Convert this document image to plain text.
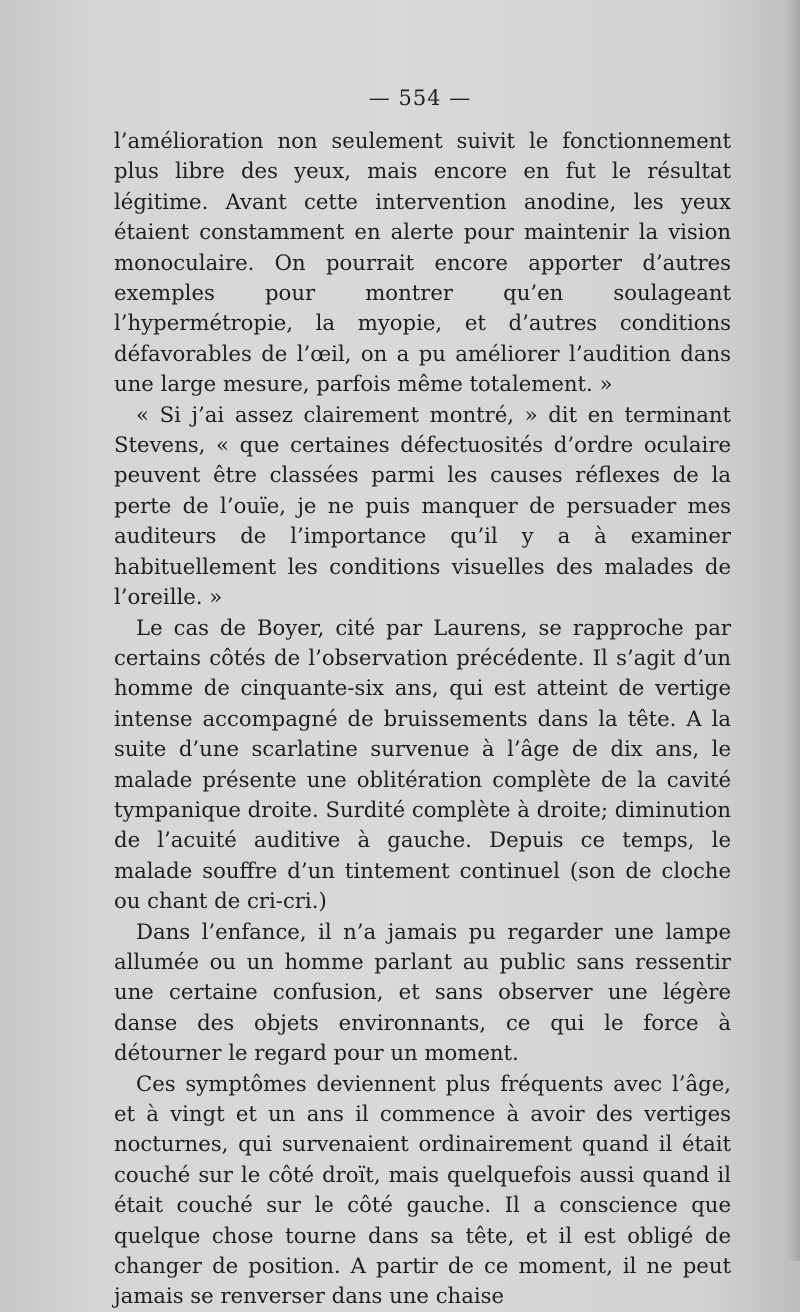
— 554 —

l’amélioration non seulement suivit le fonctionnement plus libre des yeux, mais encore en fut le résultat légitime. Avant cette intervention anodine, les yeux étaient constamment en alerte pour maintenir la vision monoculaire. On pourrait encore apporter d’autres exemples pour montrer qu’en soulageant l’hypermétropie, la myopie, et d’autres conditions défavorables de l’œil, on a pu améliorer l’audition dans une large mesure, parfois même totalement. »

« Si j’ai assez clairement montré, » dit en terminant Stevens, « que certaines défectuosités d’ordre oculaire peuvent être classées parmi les causes réflexes de la perte de l’ouïe, je ne puis manquer de persuader mes auditeurs de l’importance qu’il y a à examiner habituellement les conditions visuelles des malades de l’oreille. »

Le cas de Boyer, cité par Laurens, se rapproche par certains côtés de l’observation précédente. Il s’agit d’un homme de cinquante-six ans, qui est atteint de vertige intense accompagné de bruissements dans la tête. A la suite d’une scarlatine survenue à l’âge de dix ans, le malade présente une oblitération complète de la cavité tympanique droite. Surdité complète à droite; diminution de l’acuité auditive à gauche. Depuis ce temps, le malade souffre d’un tintement continuel (son de cloche ou chant de cri-cri.)

Dans l’enfance, il n’a jamais pu regarder une lampe allumée ou un homme parlant au public sans ressentir une certaine confusion, et sans observer une légère danse des objets environnants, ce qui le force à détourner le regard pour un moment.

Ces symptômes deviennent plus fréquents avec l’âge, et à vingt et un ans il commence à avoir des vertiges nocturnes, qui survenaient ordinairement quand il était couché sur le côté droït, mais quelquefois aussi quand il était couché sur le côté gauche. Il a conscience que quelque chose tourne dans sa tête, et il est obligé de changer de position. A partir de ce moment, il ne peut jamais se renverser dans une chaise
